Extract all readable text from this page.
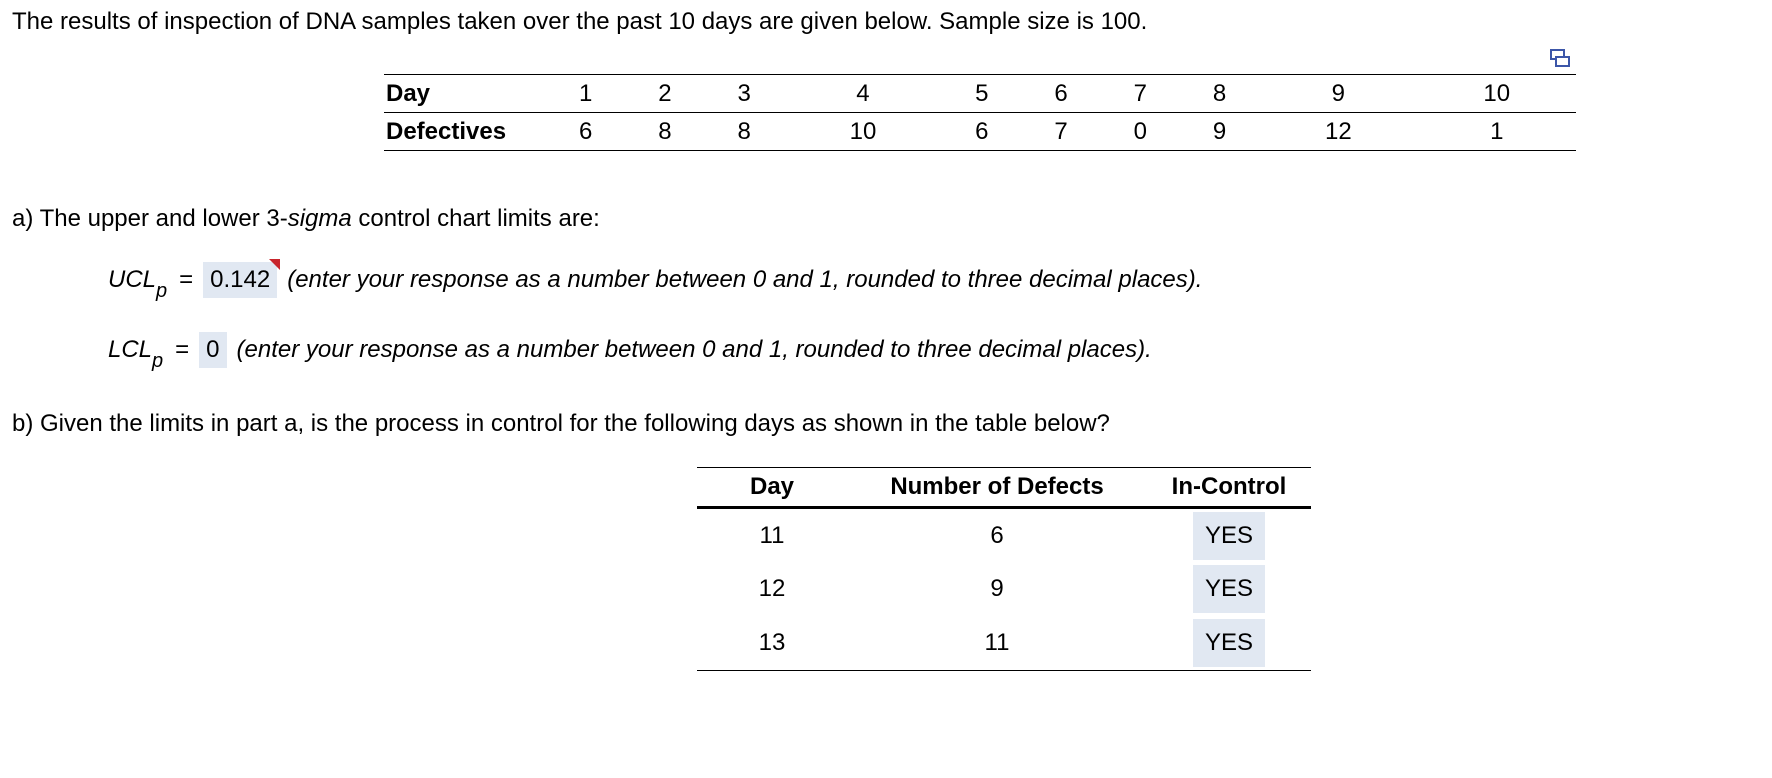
The results of inspection of DNA samples taken over the past 10 days are given below. Sample size is 100.
Day	1	2	3	4	5	6	7	8	9	10
Defectives	6	8	8	10	6	7	0	9	12	1
a) The upper and lower 3-sigma control chart limits are:
$UCL_p = 0.142$ (enter your response as a number between 0 and 1, rounded to three decimal places).
$LCL_p = 0$ (enter your response as a number between 0 and 1, rounded to three decimal places).
b) Given the limits in part a, is the process in control for the following days as shown in the table below?
Day	Number of Defects	In-Control
11	6	YES
12	9	YES
13	11	YES
